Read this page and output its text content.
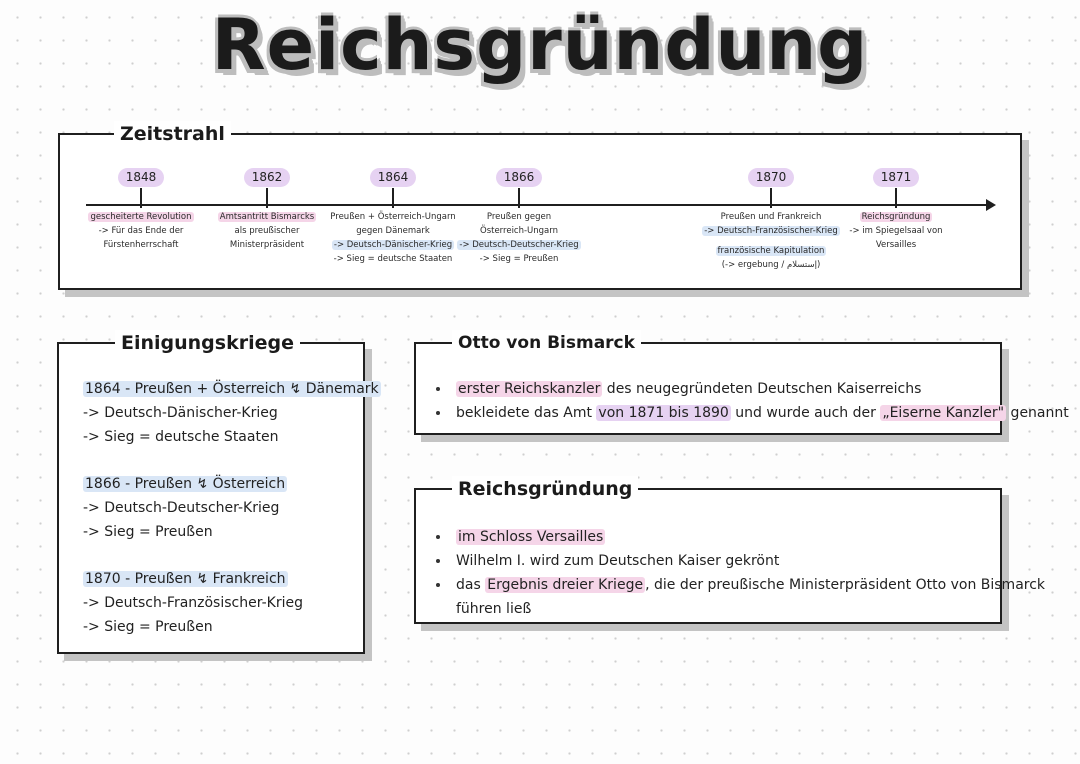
Reichsgründung
Zeitstrahl
1848
gescheiterte Revolution
-> Für das Ende der
Fürstenherrschaft
1862
Amtsantritt Bismarcks
als preußischer
Ministerpräsident
1864
Preußen + Österreich-Ungarn
gegen Dänemark
-> Deutsch-Dänischer-Krieg
-> Sieg = deutsche Staaten
1866
Preußen gegen
Österreich-Ungarn
-> Deutsch-Deutscher-Krieg
-> Sieg = Preußen
1870
Preußen und Frankreich
-> Deutsch-Französischer-Krieg
französische Kapitulation
(-> ergebung / إستسلام)
1871
Reichsgründung
-> im Spiegelsaal von
Versailles
Einigungskriege
1864 - Preußen + Österreich ↯ Dänemark
-> Deutsch-Dänischer-Krieg
-> Sieg = deutsche Staaten
1866 - Preußen ↯ Österreich
-> Deutsch-Deutscher-Krieg
-> Sieg = Preußen
1870 - Preußen ↯ Frankreich
-> Deutsch-Französischer-Krieg
-> Sieg = Preußen
Otto von Bismarck
erster Reichskanzler des neugegründeten Deutschen Kaiserreichs
bekleidete das Amt von 1871 bis 1890 und wurde auch der „Eiserne Kanzler" genannt
Reichsgründung
im Schloss Versailles
Wilhelm I. wird zum Deutschen Kaiser gekrönt
das Ergebnis dreier Kriege , die der preußische Ministerpräsident Otto von Bismarck
führen ließ
